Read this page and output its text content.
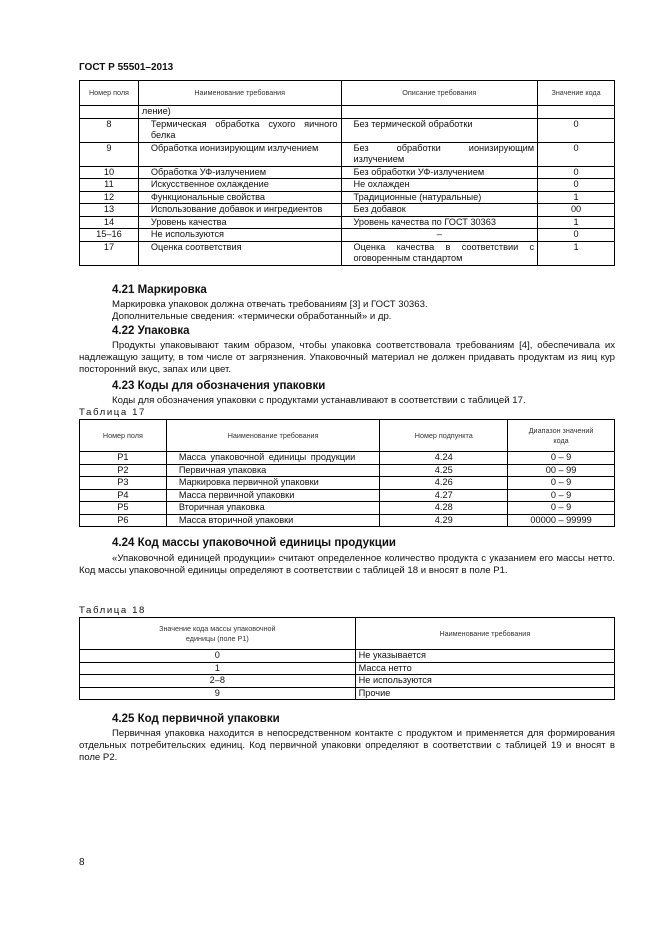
ГОСТ Р 55501–2013
Номер поля	Наименование требования	Описание требования	Значение кода
	ление)		
8	Термическая обработка сухого яичного белка	Без термической обработки	0
9	Обработка ионизирующим излучением	Без обработки ионизирующим излучением	0
10	Обработка УФ-излучением	Без обработки УФ-излучением	0
11	Искусственное охлаждение	Не охлажден	0
12	Функциональные свойства	Традиционные (натуральные)	1
13	Использование добавок и ингредиентов	Без добавок	00
14	Уровень качества	Уровень качества по ГОСТ 30363	1
15–16	Не используются	–	0
17	Оценка соответствия	Оценка качества в соответствии с оговоренным стандартом	1
4.21 Маркировка

Маркировка упаковок должна отвечать требованиям [3] и ГОСТ 30363.

Дополнительные сведения: «термически обработанный» и др.

4.22 Упаковка

Продукты упаковывают таким образом, чтобы упаковка соответствовала требованиям [4], обеспечивала их надлежащую защиту, в том числе от загрязнения. Упаковочный материал не должен придавать продуктам из яиц кур посторонний вкус, запах или цвет.

4.23 Коды для обозначения упаковки

Коды для обозначения упаковки с продуктами устанавливают в соответствии с таблицей 17.

Таблица 17
Номер поля	Наименование требования	Номер подпункта	Диапазон значений кода
Р1	Масса упаковочной единицы продукции	4.24	0 – 9
Р2	Первичная упаковка	4.25	00 – 99
Р3	Маркировка первичной упаковки	4.26	0 – 9
Р4	Масса первичной упаковки	4.27	0 – 9
Р5	Вторичная упаковка	4.28	0 – 9
Р6	Масса вторичной упаковки	4.29	00000 – 99999
4.24 Код массы упаковочной единицы продукции

«Упаковочной единицей продукции» считают определенное количество продукта с указанием его массы нетто. Код массы упаковочной единицы определяют в соответствии с таблицей 18 и вносят в поле Р1.

Таблица 18
Значение кода массы упаковочной единицы (поле Р1)	Наименование требования
0	Не указывается
1	Масса нетто
2–8	Не используются
9	Прочие
4.25 Код первичной упаковки

Первичная упаковка находится в непосредственном контакте с продуктом и применяется для формирования отдельных потребительских единиц. Код первичной упаковки определяют в соответствии с таблицей 19 и вносят в поле Р2.

8
